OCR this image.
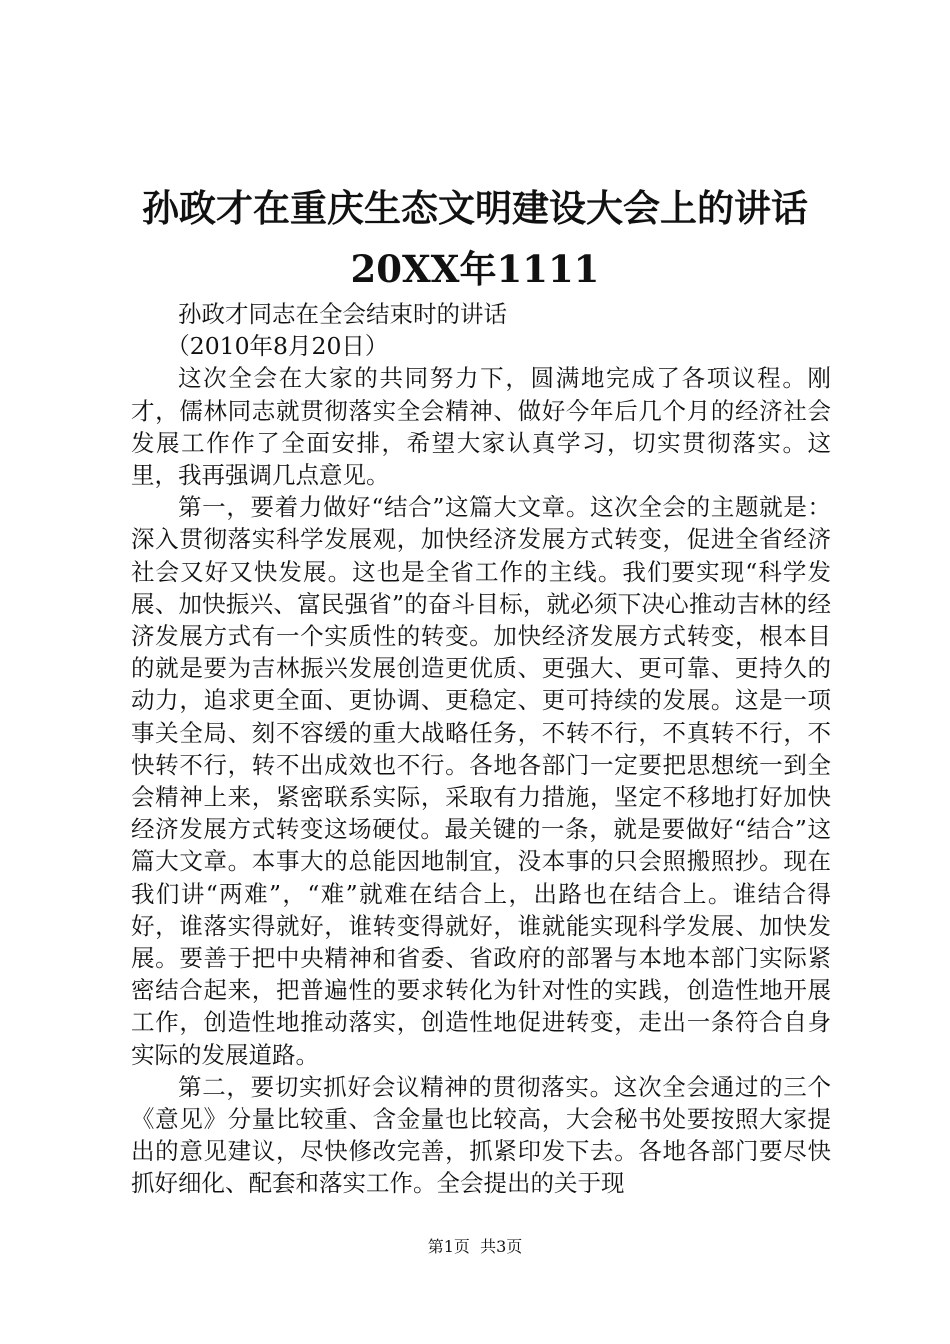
孙政才在重庆生态文明建设大会上的讲话
20XX年1111

孙政才同志在全会结束时的讲话

（2010年8月20日）

这次全会在大家的共同努力下，圆满地完成了各项议程。刚才，儒林同志就贯彻落实全会精神、做好今年后几个月的经济社会发展工作作了全面安排，希望大家认真学习，切实贯彻落实。这里，我再强调几点意见。

第一，要着力做好“结合”这篇大文章。这次全会的主题就是：深入贯彻落实科学发展观，加快经济发展方式转变，促进全省经济社会又好又快发展。这也是全省工作的主线。我们要实现“科学发展、加快振兴、富民强省”的奋斗目标，就必须下决心推动吉林的经济发展方式有一个实质性的转变。加快经济发展方式转变，根本目的就是要为吉林振兴发展创造更优质、更强大、更可靠、更持久的动力，追求更全面、更协调、更稳定、更可持续的发展。这是一项事关全局、刻不容缓的重大战略任务，不转不行，不真转不行，不快转不行，转不出成效也不行。各地各部门一定要把思想统一到全会精神上来，紧密联系实际，采取有力措施，坚定不移地打好加快经济发展方式转变这场硬仗。最关键的一条，就是要做好“结合”这篇大文章。本事大的总能因地制宜，没本事的只会照搬照抄。现在我们讲“两难”，“难”就难在结合上，出路也在结合上。谁结合得好，谁落实得就好，谁转变得就好，谁就能实现科学发展、加快发展。要善于把中央精神和省委、省政府的部署与本地本部门实际紧密结合起来，把普遍性的要求转化为针对性的实践，创造性地开展工作，创造性地推动落实，创造性地促进转变，走出一条符合自身实际的发展道路。

第二，要切实抓好会议精神的贯彻落实。这次全会通过的三个《意见》分量比较重、含金量也比较高，大会秘书处要按照大家提出的意见建议，尽快修改完善，抓紧印发下去。各地各部门要尽快抓好细化、配套和落实工作。全会提出的关于现

第1页 共3页
